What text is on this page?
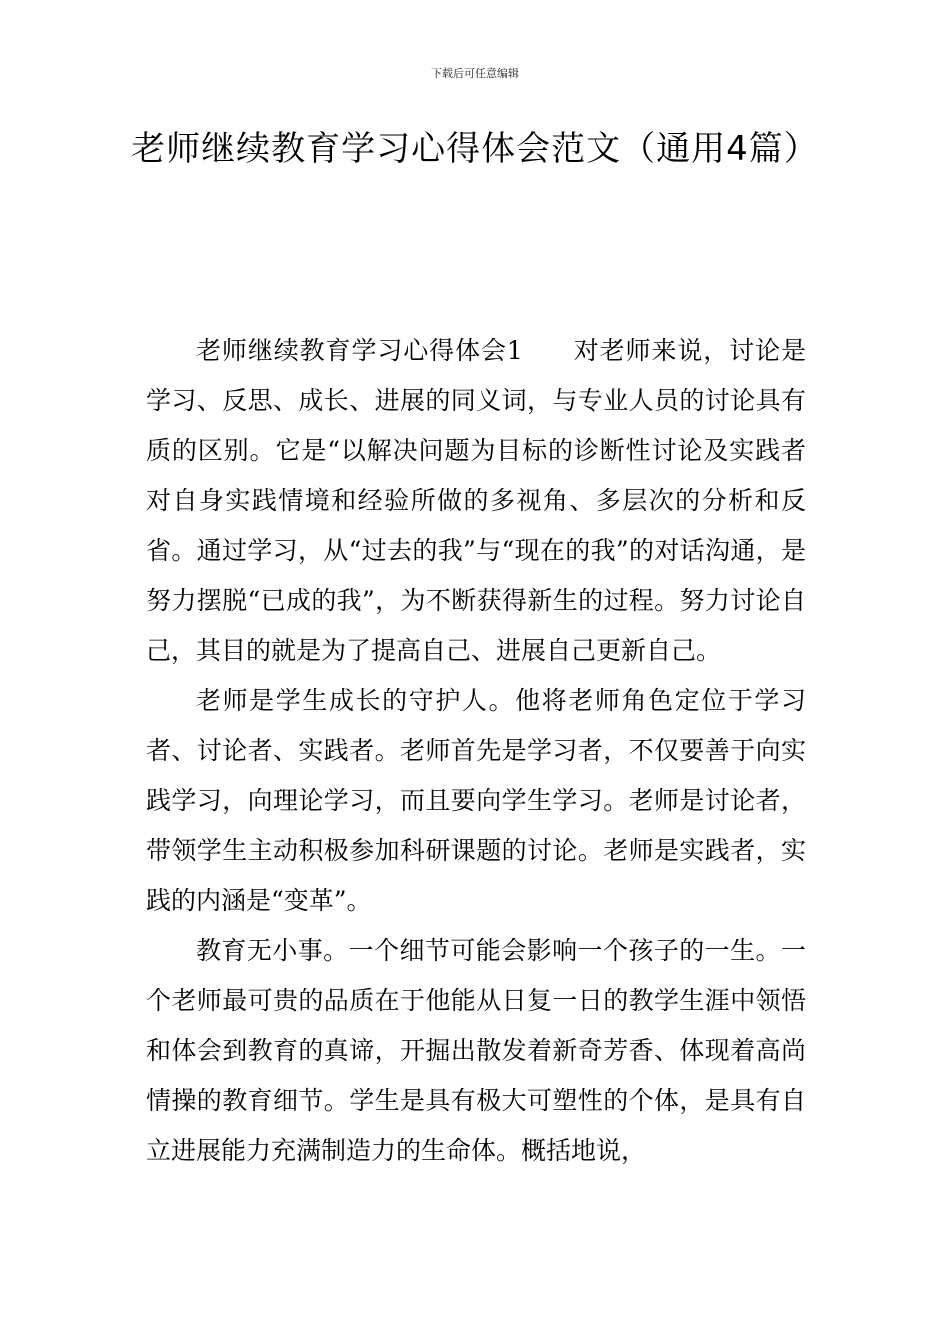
下载后可任意编辑
老师继续教育学习心得体会范文（通用4篇）

老师继续教育学习心得体会1 对老师来说，讨论是学习、反思、成长、进展的同义词，与专业人员的讨论具有质的区别。它是“以解决问题为目标的诊断性讨论及实践者对自身实践情境和经验所做的多视角、多层次的分析和反省。通过学习，从“过去的我”与“现在的我”的对话沟通，是努力摆脱“已成的我”，为不断获得新生的过程。努力讨论自己，其目的就是为了提高自己、进展自己更新自己。

老师是学生成长的守护人。他将老师角色定位于学习者、讨论者、实践者。老师首先是学习者，不仅要善于向实践学习，向理论学习，而且要向学生学习。老师是讨论者，带领学生主动积极参加科研课题的讨论。老师是实践者，实践的内涵是“变革”。

教育无小事。一个细节可能会影响一个孩子的一生。一个老师最可贵的品质在于他能从日复一日的教学生涯中领悟和体会到教育的真谛，开掘出散发着新奇芳香、体现着高尚情操的教育细节。学生是具有极大可塑性的个体，是具有自立进展能力充满制造力的生命体。概括地说，
